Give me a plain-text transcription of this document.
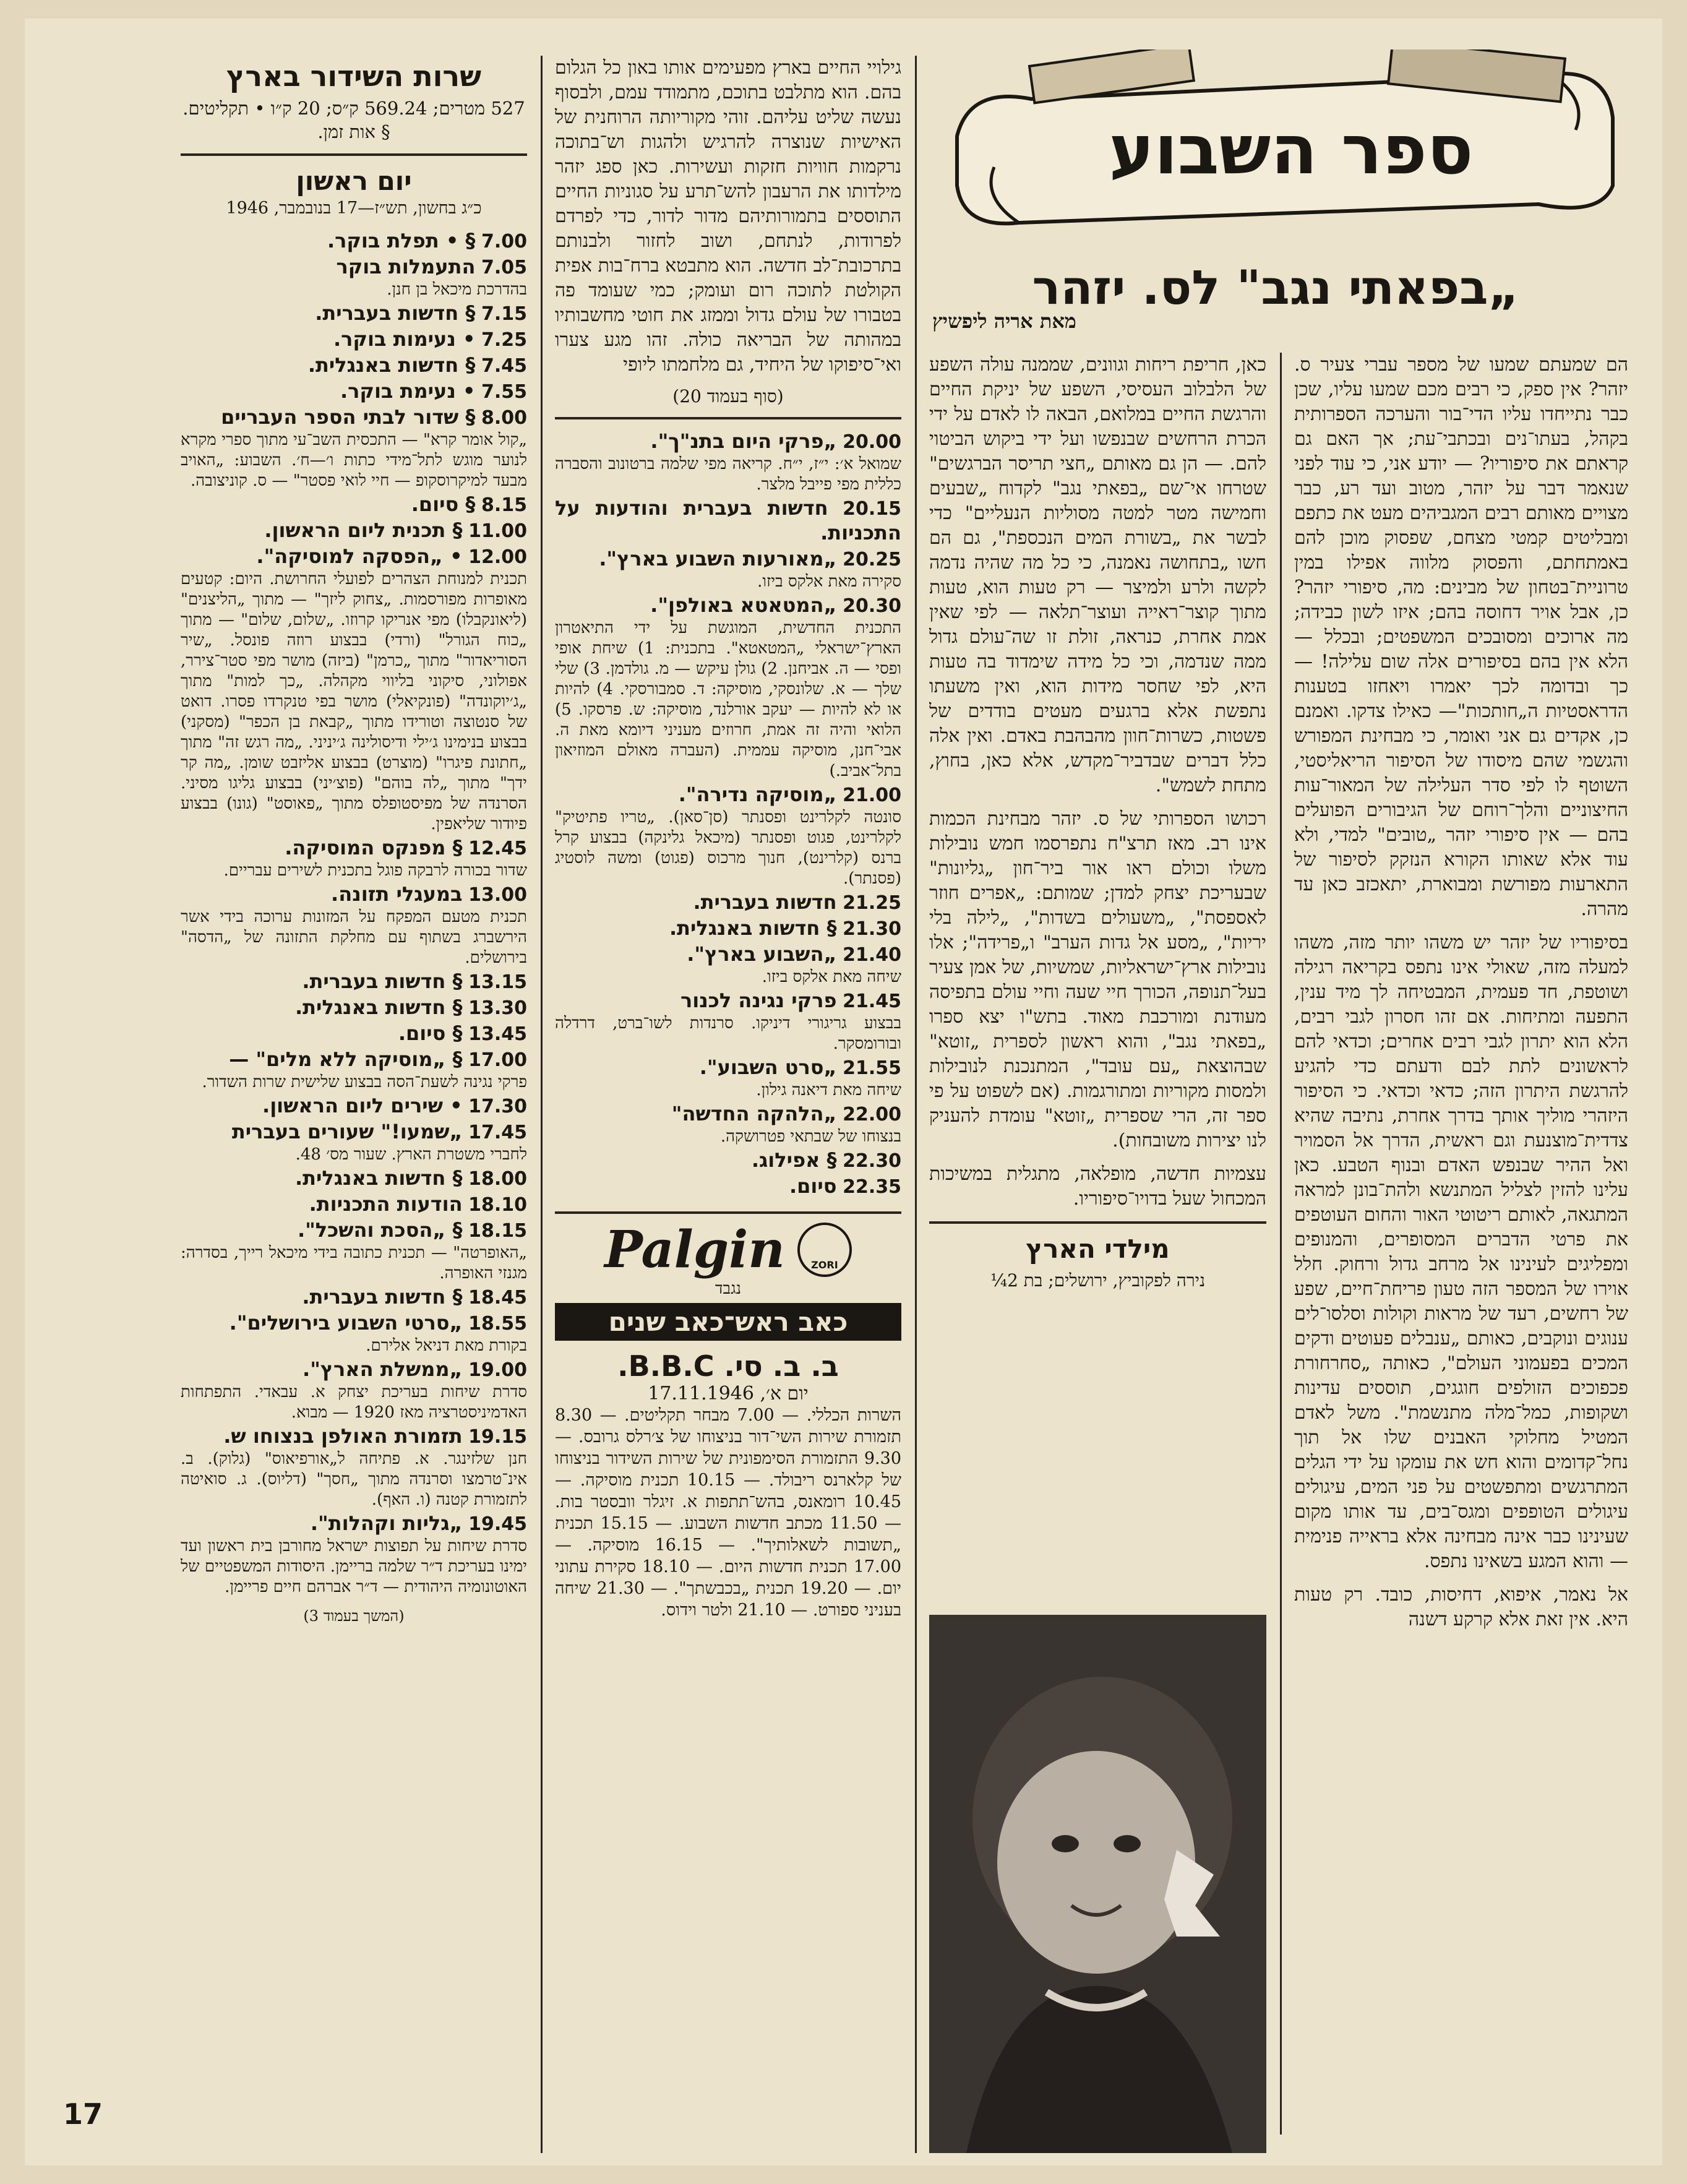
ספר השבוע
„בפאתי נגב" לס. יזהר
מאת אריה ליפשיץ

הם שמעתם שמעו של מספר עברי צעיר ס. יזהר? אין ספק, כי רבים מכם שמעו עליו, שכן כבר נתייחדו עליו הדי־בור והערכה הספרותית בקהל, בעתו־נים ובכתבי־עת; אך האם גם קראתם את סיפוריו? — יודע אני, כי עוד לפני שנאמר דבר על יזהר, מטוב ועד רע, כבר מצויים מאותם רבים המגביהים מעט את כתפם ומבליטים קמטי מצחם, שפסוק מוכן להם באמתחתם, והפסוק מלווה אפילו במין טרוניית־בטחון של מבינים: מה, סיפורי יזהר? כן, אבל אויר דחוסה בהם; איזו לשון כבידה; מה ארוכים ומסובכים המשפטים; ובכלל — הלא אין בהם בסיפורים אלה שום עלילה! — כך ובדומה לכך יאמרו ויאחזו בטענות הדראסטיות ה„חותכות"— כאילו צדקו. ואמנם כן, אקדים גם אני ואומר, כי מבחינת המפורש והגשמי שהם מיסודו של הסיפור הריאליסטי, השוטף לו לפי סדר העלילה של המאור־עות החיצוניים והלך־רוחם של הגיבורים הפועלים בהם — אין סיפורי יזהר „טובים" למדי, ולא עוד אלא שאותו הקורא הנזקק לסיפור של התארעות מפורשת ומבוארת, יתאכזב כאן עד מהרה.

בסיפוריו של יזהר יש משהו יותר מזה, משהו למעלה מזה, שאולי אינו נתפס בקריאה רגילה ושוטפת, חד פעמית, המבטיחה לך מיד ענין, התפעה ומתיחות. אם זהו חסרון לגבי רבים, הלא הוא יתרון לגבי רבים אחרים; וכדאי להם לראשונים לתת לבם ודעתם כדי להגיע להרגשת היתרון הזה; כדאי וכדאי. כי הסיפור היזהרי מוליך אותך בדרך אחרת, נתיבה שהיא צדדית־מוצנעת וגם ראשית, הדרך אל הסמויר ואל ההיר שבנפש האדם ובנוף הטבע. כאן עלינו להזין לצליל המתנשא ולהת־בונן למראה המתגאה, לאותם ריטוטי האור והחום העוטפים את פרטי הדברים המסופרים, והמנופים ומפליגים לעינינו אל מרחב גדול ורחוק. חלל אוירו של המספר הזה טעון פריחת־חיים, שפע של רחשים, רעד של מראות וקולות וסלסו־לים ענוגים ונוקבים, כאותם „ענבלים פעוטים ודקים המכים בפעמוני העולם", כאותה „סחרחורת פכפוכים הזולפים חוגגים, תוססים עדינות ושקופות, כמל־מלה מתנשמת". משל לאדם המטיל מחלוקי האבנים שלו אל תוך נחל־קדומים והוא חש את עומקו על ידי הגלים המתרגשים ומתפשטים על פני המים, עיגולים עיגולים הטופפים ומגס־בים, עד אותו מקום שעינינו כבר אינה מבחינה אלא בראייה פנימית — והוא המגע בשאינו נתפס.

אל נאמר, איפוא, דחיסות, כובד. רק טעות היא. אין זאת אלא קרקע דשנה

כאן, חריפת ריחות וגוונים, שממנה עולה השפע של הלבלוב העסיסי, השפע של יניקת החיים והרגשת החיים במלואם, הבאה לו לאדם על ידי הכרת הרחשים שבנפשו ועל ידי ביקוש הביטוי להם. — הן גם מאותם „חצי תריסר הברגשים" שטרחו אי־שם „בפאתי נגב" לקדוח „שבעים וחמישה מטר למטה מסוליות הנעליים" כדי לבשר את „בשורת המים הנכספת", גם הם חשו „בתחושה נאמנה, כי כל מה שהיה נדמה לקשה ולרע ולמיצר — רק טעות הוא, טעות מתוך קוצר־ראייה ועוצר־תלאה — לפי שאין אמת אחרת, כנראה, זולת זו שה־עולם גדול ממה שנדמה, וכי כל מידה שימדוד בה טעות היא, לפי שחסר מידות הוא, ואין משעתו נתפשת אלא ברגעים מעטים בודדים של פשטות, כשרות־חוון מהבהבת באדם. ואין אלה כלל דברים שבדביר־מקדש, אלא כאן, בחוץ, מתחת לשמש".

רכושו הספרותי של ס. יזהר מבחינת הכמות אינו רב. מאז תרצ"ח נתפרסמו חמש נובילות משלו וכולם ראו אור ביר־חון „גליונות" שבעריכת יצחק למדן; שמותם: „אפרים חוזר לאספסת", „משעולים בשדות", „לילה בלי יריות", „מסע אל גדות הערב" ו„פרידה"; אלו נובילות ארץ־ישראליות, שמשיות, של אמן צעיר בעל־תנופה, הכורך חיי שעה וחיי עולם בתפיסה מעודנת ומורכבת מאוד. בתש"ו יצא ספרו „בפאתי נגב", והוא ראשון לספרית „זוטא" שבהוצאת „עם עובד", המתנכנת לנובילות ולמסות מקוריות ומתורגמות. (אם לשפוט על פי ספר זה, הרי שספרית „זוטא" עומדת להעניק לנו יצירות משובחות).

עצמיות חדשה, מופלאה, מתגלית במשיכות המכחול שעל בדויו־סיפוריו.

מילדי הארץ
נירה לפקוביץ, ירושלים; בת 2¼

גילויי החיים בארץ מפעימים אותו באון כל הגלום בהם. הוא מתלבט בתוכם, מתמודד עמם, ולבסוף נעשה שליט עליהם. זוהי מקוריותה הרוחנית של האישיות שנוצרה להרגיש ולהגות וש־בתוכה נרקמות חוויות חזקות ועשירות. כאן ספג יזהר מילדותו את הרעבון להש־תרע על סגוניות החיים התוססים בתמורותיהם מדור לדור, כדי לפרדם לפרודות, לנתחם, ושוב לחזור ולבנותם בתרכובת־לב חדשה. הוא מתבטא ברח־בות אפית הקולטת לתוכה רום ועומק; כמי שעומד פה בטבורו של עולם גדול וממזג את חוטי מחשבותיו במהותה של הבריאה כולה. זהו מגע צערו ואי־סיפוקו של היחיד, גם מלחמתו ליופי

(סוף בעמוד 20)
20.00 „פרקי היום בתנ"ך".
שמואל א׳: י״ז, י״ח. קריאה מפי שלמה ברטונוב והסברה כללית מפי פייבל מלצר.
20.15 חדשות בעברית והודעות על התכניות.
20.25 „מאורעות השבוע בארץ".
סקירה מאת אלקס ביזו.
20.30 „המטאטא באולפן".
התכנית החדשית, המוגשת על ידי התיאטרון הארץ־ישראלי „המטאטא". בתכנית: 1) שיחת אופי ופסי — ה. אביחנן. 2) גולן עיקש — מ. גולדמן. 3) שלי שלך — א. שלונסקי, מוסיקה: ד. סמבורסקי. 4) להיות או לא להיות — יעקב אורלנד, מוסיקה: ש. פרסקו. 5) הלואי והיה זה אמת, חרוזים מעניני דיומא מאת ה. אבי־חנן, מוסיקה עממית. (העברה מאולם המוזיאון בתל־אביב.)
21.00 „מוסיקה נדירה".
סונטה לקלרינט ופסנתר (סן־סאן). „טריו פתיטיק" לקלרינט, פגוט ופסנתר (מיכאל גלינקה) בבצוע קרל ברנס (קלרינט), חנוך מרכוס (פגוט) ומשה לוסטיג (פסנתר).
21.25 חדשות בעברית.
21.30 § חדשות באנגלית.
21.40 „השבוע בארץ".
שיחה מאת אלקס ביזו.
21.45 פרקי נגינה לכנור
בבצוע גריגורי דיניקו. סרנדות לשו־ברט, דרדלה ובורומסקר.
21.55 „סרט השבוע".
שיחה מאת דיאנה גילון.
22.00 „הלהקה החדשה"
בנצוחו של שבתאי פטרושקה.
22.30 § אפילוג.
22.35 סיום.
Palgin	ZORI
נגבד
כאב ראש־כאב שנים
ב. ב. סי. B.B.C.
יום א׳, 17.11.1946

השרות הכללי. — 7.00 מבחר תקליטים. — 8.30 תזמורת שירות השי־דור בניצוחו של צ׳רלס גרובס. — 9.30 התזמורת הסימפונית של שירות השידור בניצוחו של קלארנס ריבולד. — 10.15 תכנית מוסיקה. — 10.45 רומאנס, בהש־תתפות א. זיגלר וובסטר בות. — 11.50 מכתב חדשות השבוע. — 15.15 תכנית „תשובות לשאלותיך". — 16.15 מוסיקה. — 17.00 תכנית חדשות היום. — 18.10 סקירת עתוני יום. — 19.20 תכנית „בכבשתך". — 21.30 שיחה בעניני ספורט. — 21.10 ולטר וידוס.

שרות השידור בארץ
527 מטרים; 569.24 ק״ס; 20 ק״ו • תקליטים. § אות זמן.
יום ראשון
כ״ג בחשון, תש״ז—17 בנובמבר, 1946
7.00 § • תפלת בוקר.
7.05 התעמלות בוקר
בהדרכת מיכאל בן חנן.
7.15 § חדשות בעברית.
7.25 • נעימות בוקר.
7.45 § חדשות באנגלית.
7.55 • נעימת בוקר.
8.00 § שדור לבתי הספר העבריים
„קול אומר קרא" — התכסית השב־עי מתוך ספרי מקרא לנוער מוגש לתל־מידי כתות ו׳—ח׳. השבוע: „האויב מבעד למיקרוסקופ — חיי לואי פסטר" — ס. קוניצובה.
8.15 § סיום.
11.00 § תכנית ליום הראשון.
12.00 • „הפסקה למוסיקה".
תכנית למנוחת הצהרים לפועלי החרושת. היום: קטעים מאופרות מפורסמות. „צחוק ליזך" — מתוך „הליצנים" (ליאונקבלו) מפי אנריקו קרוזו. „שלום, שלום" — מתוך „כוח הגורל" (ורדי) בבצוע רוזה פונסל. „שיר הסוריאדור" מתוך „כרמן" (ביזה) מושר מפי סטר־צירר, אפולוני, סיקוני בליווי מקהלה. „כך למות" מתוך „ג׳יוקונדה" (פונקיאלי) מושר בפי טנקרדו פסרו. דואט של סנטוצה וטורידו מתוך „קבאת בן הכפר" (מסקני) בבצוע בנימינו ג׳ילי ודיסולינה ג׳יניני. „מה רגש זה" מתוך „חתונת פיגרו" (מוצרט) בבצוע אליזבט שומן. „מה קר ידך" מתוך „לה בוהם" (פוצ׳יני) בבצוע גליגו מסיני. הסרנדה של מפיסטופלס מתוך „פאוסט" (גונו) בבצוע פיודור שליאפין.
12.45 § מפנקס המוסיקה.
שדור בכורה לרבקה פוגל בתכנית לשירים עבריים.
13.00 במעגלי תזונה.
תכנית מטעם המפקח על המזונות ערוכה בידי אשר הירשברג בשתוף עם מחלקת התזונה של „הדסה" בירושלים.
13.15 § חדשות בעברית.
13.30 § חדשות באנגלית.
13.45 § סיום.
17.00 § „מוסיקה ללא מלים" —
פרקי נגינה לשעת־הסה בבצוע שלישית שרות השדור.
17.30 • שירים ליום הראשון.
17.45 „שמעו!" שעורים בעברית
לחברי משטרת הארץ. שעור מס׳ 48.
18.00 § חדשות באנגלית.
18.10 הודעות התכניות.
18.15 § „הסכת והשכל".
„האופרטה" — תכנית כתובה בידי מיכאל רייך, בסדרה: מגנזי האופרה.
18.45 § חדשות בעברית.
18.55 „סרטי השבוע בירושלים".
בקורת מאת דניאל אלירם.
19.00 „ממשלת הארץ".
סדרת שיחות בעריכת יצחק א. עבאדי. התפתחות האדמיניסטרציה מאז 1920 — מבוא.
19.15 תזמורת האולפן בנצוחו ש.
חנן שלזינגר. א. פתיחה ל„אורפיאוס" (גלוק). ב. אינ־טרמצו וסרנדה מתוך „חסך" (דליוס). ג. סואיטה לתזמורת קטנה (ו. האף).
19.45 „גליות וקהלות".
סדרת שיחות על תפוצות ישראל מחורבן בית ראשון ועד ימינו בעריכת ד״ר שלמה בריימן. היסודות המשפטיים של האוטונומיה היהודית — ד״ר אברהם חיים פריימן.
(המשך בעמוד 3)
17
